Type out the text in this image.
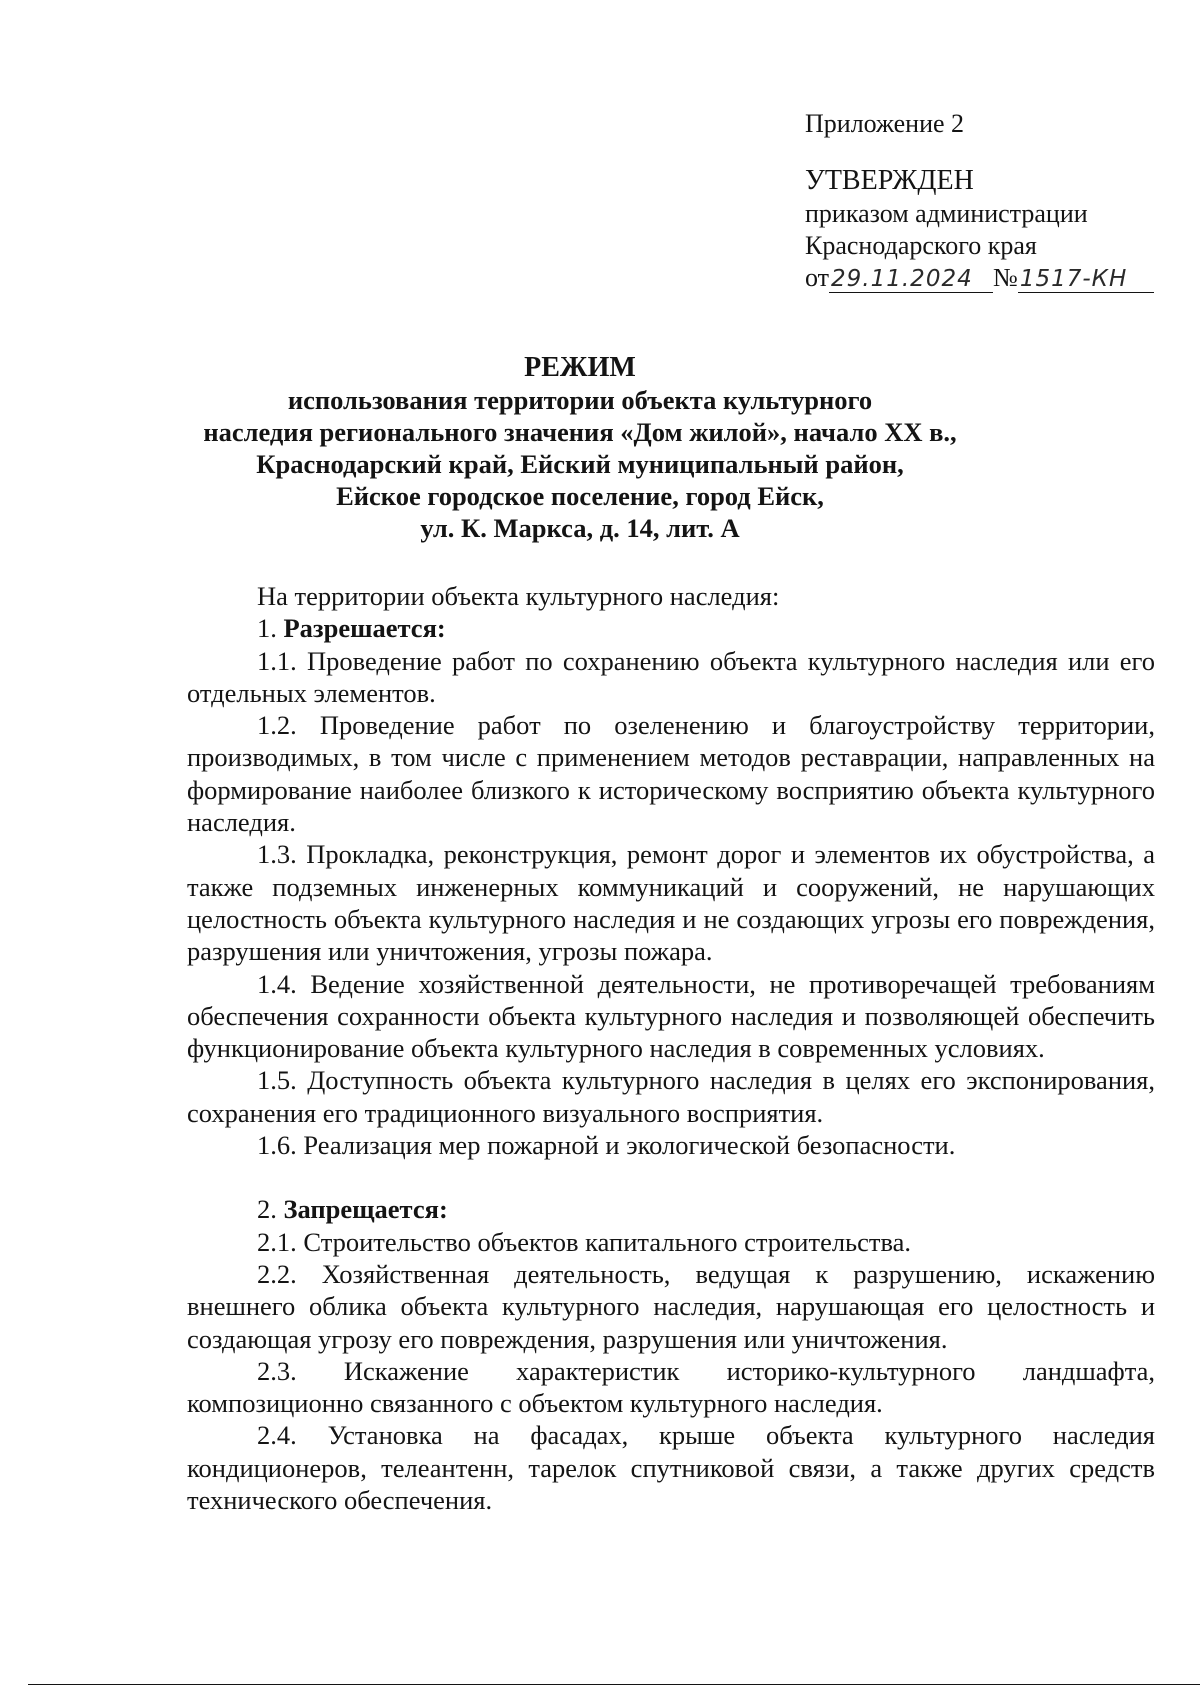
Приложение 2
УТВЕРЖДЕН
приказом администрации
Краснодарского края
от29.11.2024 №1517-КН
РЕЖИМ
использования территории объекта культурного
наследия регионального значения «Дом жилой», начало XX в.,
Краснодарский край, Ейский муниципальный район,
Ейское городское поселение, город Ейск,
ул. К. Маркса, д. 14, лит. А

На территории объекта культурного наследия:

1. Разрешается:

1.1. Проведение работ по сохранению объекта культурного наследия или его отдельных элементов.

1.2. Проведение работ по озеленению и благоустройству территории, производимых, в том числе с применением методов реставрации, направленных на формирование наиболее близкого к историческому восприятию объекта культурного наследия.

1.3. Прокладка, реконструкция, ремонт дорог и элементов их обустройства, а также подземных инженерных коммуникаций и сооружений, не нарушающих целостность объекта культурного наследия и не создающих угрозы его повреждения, разрушения или уничтожения, угрозы пожара.

1.4. Ведение хозяйственной деятельности, не противоречащей требованиям обеспечения сохранности объекта культурного наследия и позволяющей обеспечить функционирование объекта культурного наследия в современных условиях.

1.5. Доступность объекта культурного наследия в целях его экспонирования, сохранения его традиционного визуального восприятия.

1.6. Реализация мер пожарной и экологической безопасности.

2. Запрещается:

2.1. Строительство объектов капитального строительства.

2.2. Хозяйственная деятельность, ведущая к разрушению, искажению внешнего облика объекта культурного наследия, нарушающая его целостность и создающая угрозу его повреждения, разрушения или уничтожения.

2.3. Искажение характеристик историко-культурного ландшафта, композиционно связанного с объектом культурного наследия.

2.4. Установка на фасадах, крыше объекта культурного наследия кондиционеров, телеантенн, тарелок спутниковой связи, а также других средств технического обеспечения.
